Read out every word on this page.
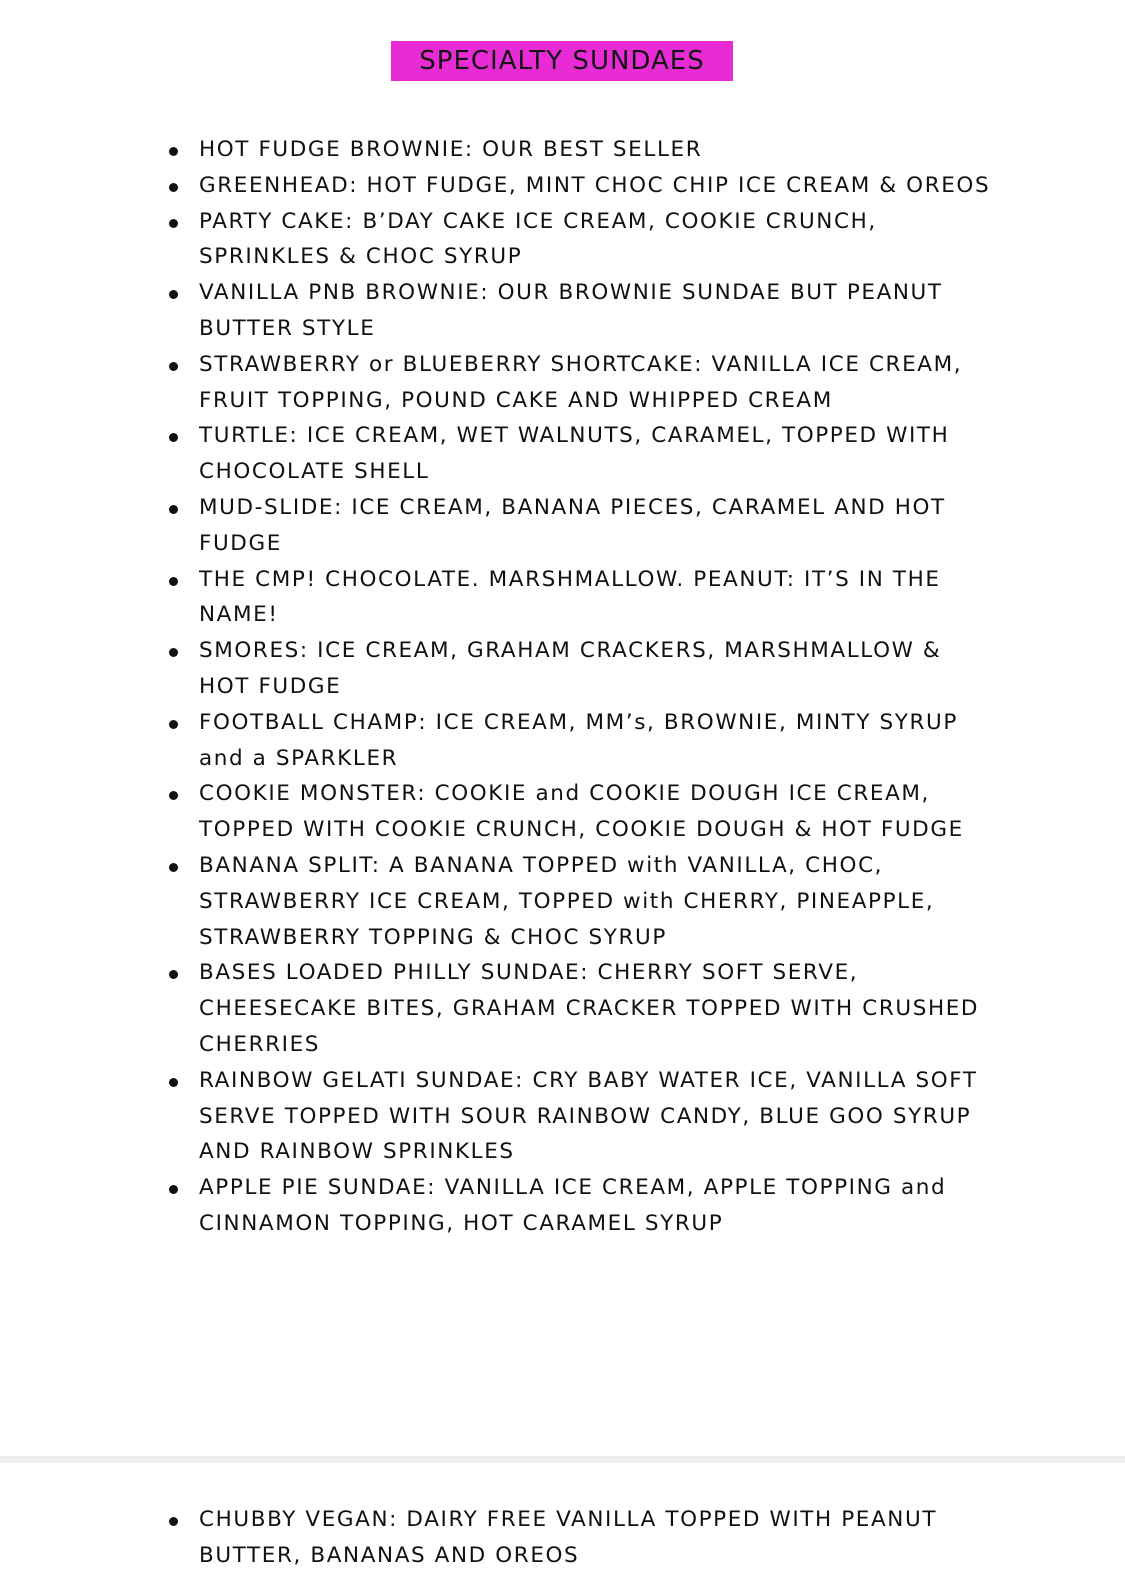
SPECIALTY SUNDAES
HOT FUDGE BROWNIE: OUR BEST SELLER
GREENHEAD: HOT FUDGE, MINT CHOC CHIP ICE CREAM & OREOS
PARTY CAKE: B’DAY CAKE ICE CREAM, COOKIE CRUNCH, SPRINKLES & CHOC SYRUP
VANILLA PNB BROWNIE: OUR BROWNIE SUNDAE BUT PEANUT BUTTER STYLE
STRAWBERRY or BLUEBERRY SHORTCAKE: VANILLA ICE CREAM, FRUIT TOPPING, POUND CAKE AND WHIPPED CREAM
TURTLE: ICE CREAM, WET WALNUTS, CARAMEL, TOPPED WITH CHOCOLATE SHELL
MUD-SLIDE: ICE CREAM, BANANA PIECES, CARAMEL AND HOT FUDGE
THE CMP! CHOCOLATE. MARSHMALLOW. PEANUT: IT’S IN THE NAME!
SMORES: ICE CREAM, GRAHAM CRACKERS, MARSHMALLOW & HOT FUDGE
FOOTBALL CHAMP: ICE CREAM, MM’s, BROWNIE, MINTY SYRUP and a SPARKLER
COOKIE MONSTER: COOKIE and COOKIE DOUGH ICE CREAM, TOPPED WITH COOKIE CRUNCH, COOKIE DOUGH & HOT FUDGE
BANANA SPLIT: A BANANA TOPPED with VANILLA, CHOC, STRAWBERRY ICE CREAM, TOPPED with CHERRY, PINEAPPLE, STRAWBERRY TOPPING & CHOC SYRUP
BASES LOADED PHILLY SUNDAE: CHERRY SOFT SERVE, CHEESECAKE BITES, GRAHAM CRACKER TOPPED WITH CRUSHED CHERRIES
RAINBOW GELATI SUNDAE: CRY BABY WATER ICE, VANILLA SOFT SERVE TOPPED WITH SOUR RAINBOW CANDY, BLUE GOO SYRUP AND RAINBOW SPRINKLES
APPLE PIE SUNDAE: VANILLA ICE CREAM, APPLE TOPPING and CINNAMON TOPPING, HOT CARAMEL SYRUP
CHUBBY VEGAN: DAIRY FREE VANILLA TOPPED WITH PEANUT BUTTER, BANANAS AND OREOS
